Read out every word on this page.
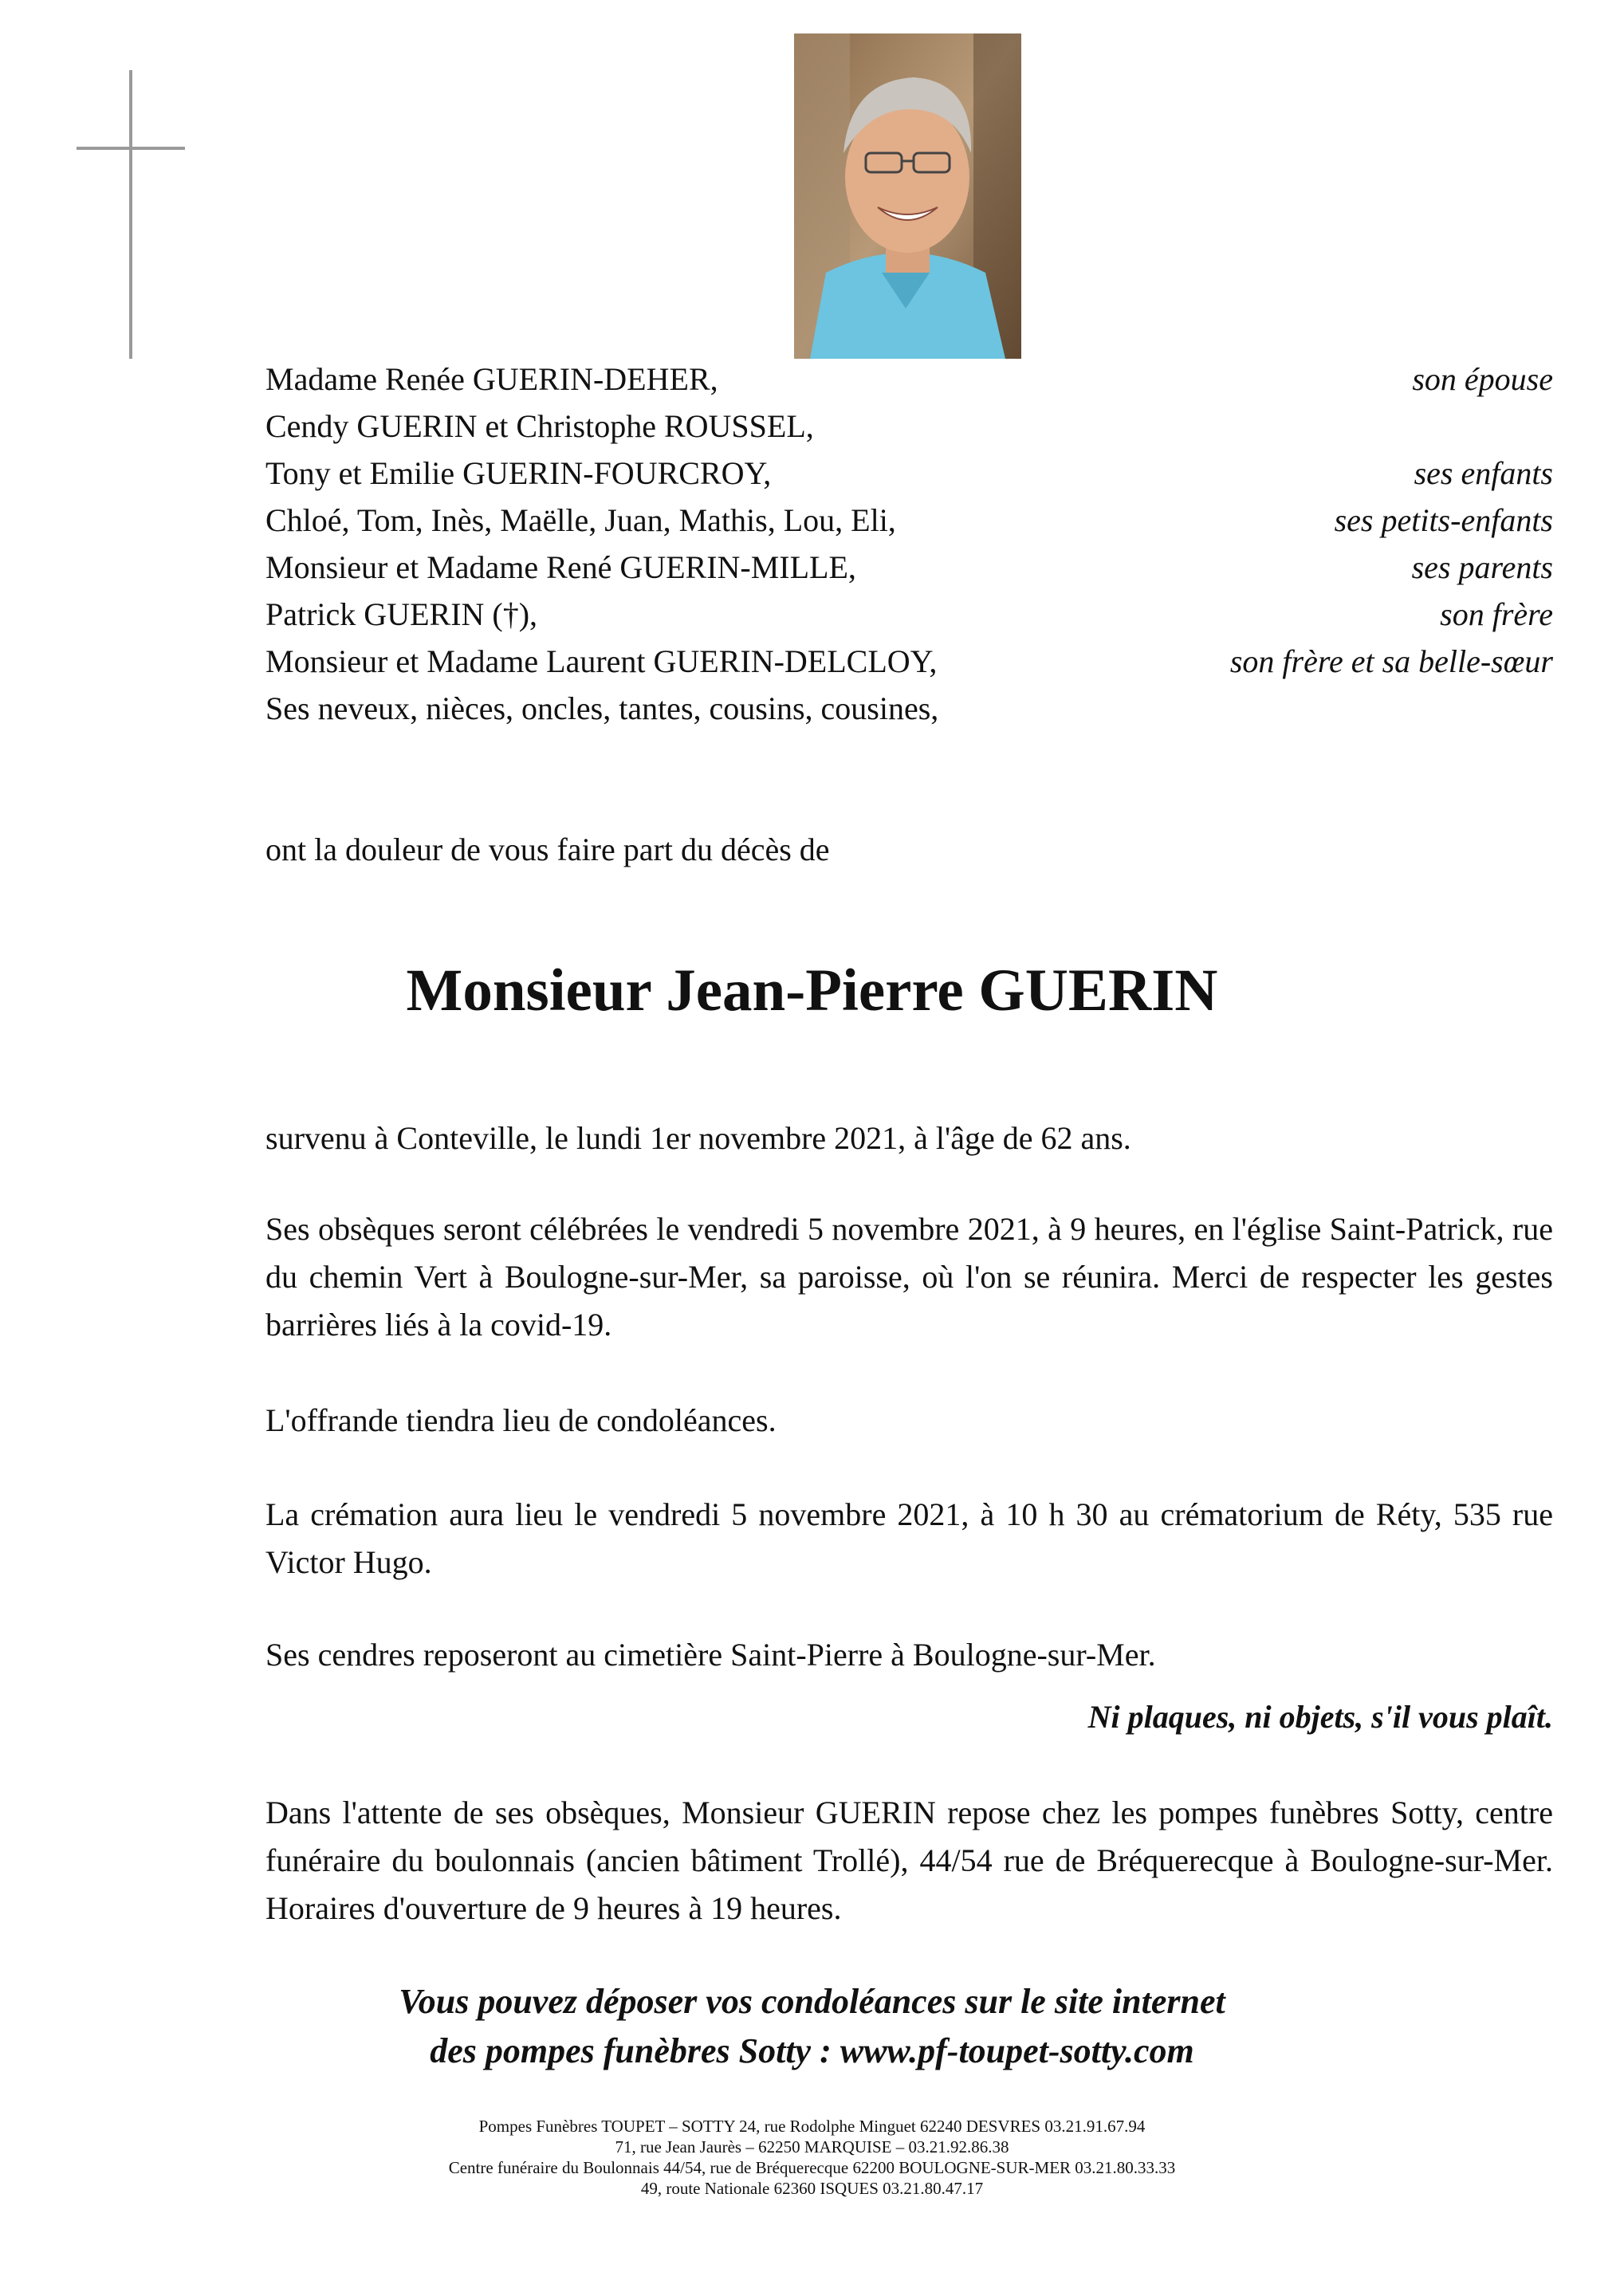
Madame Renée GUERIN-DEHER,	son épouse
Cendy GUERIN et Christophe ROUSSEL,
Tony et Emilie GUERIN-FOURCROY,	ses enfants
Chloé, Tom, Inès, Maëlle, Juan, Mathis, Lou, Eli,	ses petits-enfants
Monsieur et Madame René GUERIN-MILLE,	ses parents
Patrick GUERIN (†),	son frère
Monsieur et Madame Laurent GUERIN-DELCLOY,	son frère et sa belle-sœur
Ses neveux, nièces, oncles, tantes, cousins, cousines,

ont la douleur de vous faire part du décès de

Monsieur Jean-Pierre GUERIN

survenu à Conteville, le lundi 1er novembre 2021, à l'âge de 62 ans.

Ses obsèques seront célébrées le vendredi 5 novembre 2021, à 9 heures, en l'église Saint-Patrick, rue du chemin Vert à Boulogne-sur-Mer, sa paroisse, où l'on se réunira. Merci de respecter les gestes barrières liés à la covid-19.

L'offrande tiendra lieu de condoléances.

La crémation aura lieu le vendredi 5 novembre 2021, à 10 h 30 au crématorium de Réty, 535 rue Victor Hugo.

Ses cendres reposeront au cimetière Saint-Pierre à Boulogne-sur-Mer.

Ni plaques, ni objets, s'il vous plaît.

Dans l'attente de ses obsèques, Monsieur GUERIN repose chez les pompes funèbres Sotty, centre funéraire du boulonnais (ancien bâtiment Trollé), 44/54 rue de Bréquerecque à Boulogne-sur-Mer. Horaires d'ouverture de 9 heures à 19 heures.

Vous pouvez déposer vos condoléances sur le site internet
des pompes funèbres Sotty : www.pf-toupet-sotty.com
Pompes Funèbres TOUPET – SOTTY 24, rue Rodolphe Minguet 62240 DESVRES 03.21.91.67.94
71, rue Jean Jaurès – 62250 MARQUISE – 03.21.92.86.38
Centre funéraire du Boulonnais 44/54, rue de Bréquerecque 62200 BOULOGNE-SUR-MER 03.21.80.33.33
49, route Nationale 62360 ISQUES 03.21.80.47.17
